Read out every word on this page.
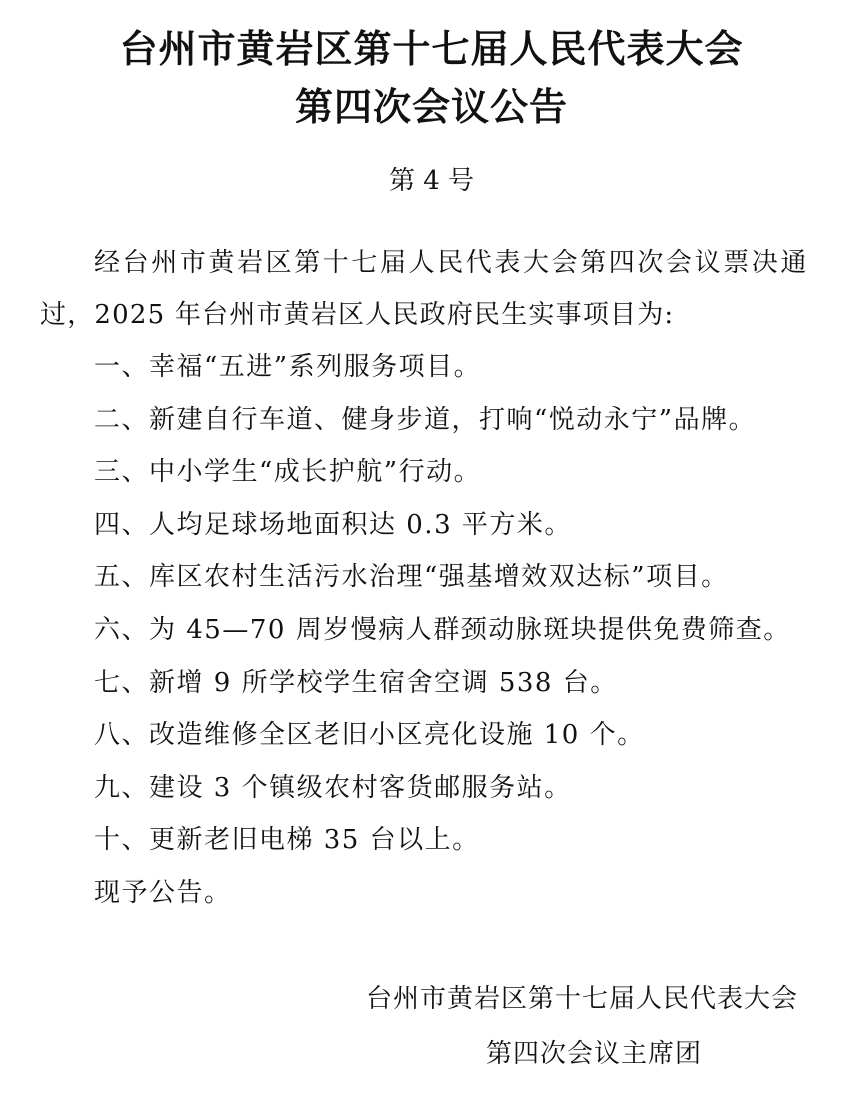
台州市黄岩区第十七届人民代表大会
第四次会议公告
第 4 号
经台州市黄岩区第十七届人民代表大会第四次会议票决通
过，2025 年台州市黄岩区人民政府民生实事项目为:
一、幸福“五进”系列服务项目。
二、新建自行车道、健身步道，打响“悦动永宁”品牌。
三、中小学生“成长护航”行动。
四、人均足球场地面积达 0.3 平方米。
五、库区农村生活污水治理“强基增效双达标”项目。
六、为 45—70 周岁慢病人群颈动脉斑块提供免费筛查。
七、新增 9 所学校学生宿舍空调 538 台。
八、改造维修全区老旧小区亮化设施 10 个。
九、建设 3 个镇级农村客货邮服务站。
十、更新老旧电梯 35 台以上。
现予公告。
台州市黄岩区第十七届人民代表大会
第四次会议主席团
